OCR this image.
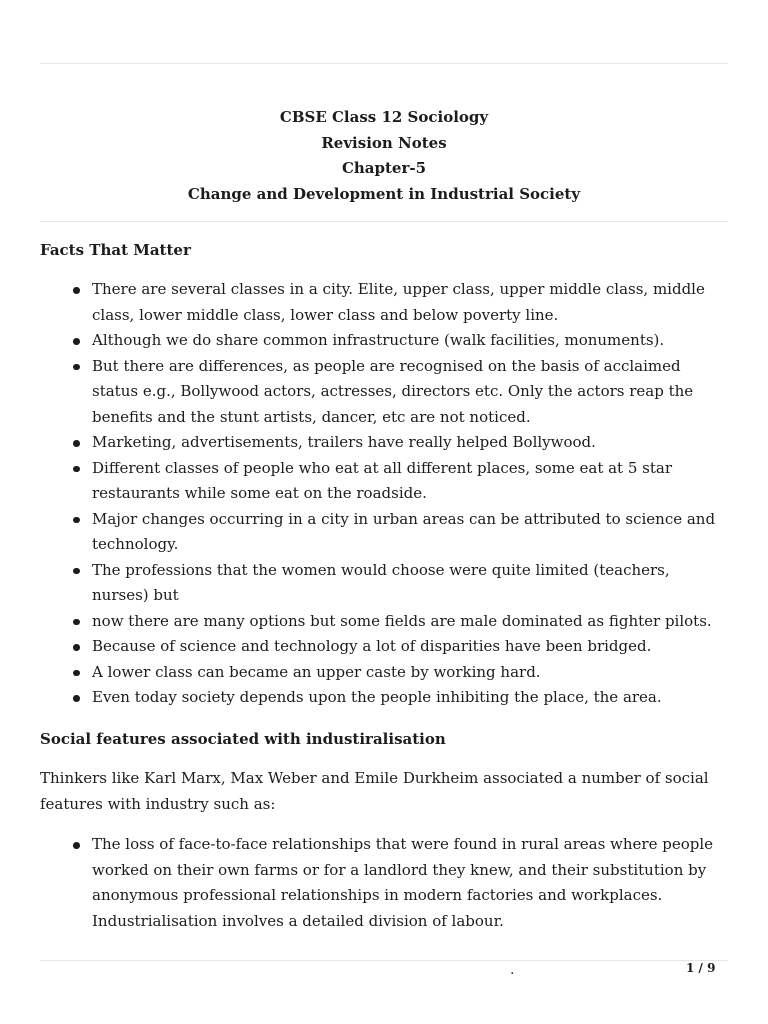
CBSE Class 12 Sociology
Revision Notes
Chapter-5
Change and Development in Industrial Society
Facts That Matter
There are several classes in a city. Elite, upper class, upper middle class, middle class, lower middle class, lower class and below poverty line.
Although we do share common infrastructure (walk facilities, monuments).
But there are differences, as people are recognised on the basis of acclaimed status e.g., Bollywood actors, actresses, directors etc. Only the actors reap the benefits and the stunt artists, dancer, etc are not noticed.
Marketing, advertisements, trailers have really helped Bollywood.
Different classes of people who eat at all different places, some eat at 5 star restaurants while some eat on the roadside.
Major changes occurring in a city in urban areas can be attributed to science and technology.
The professions that the women would choose were quite limited (teachers, nurses) but
now there are many options but some fields are male dominated as fighter pilots.
Because of science and technology a lot of disparities have been bridged.
A lower class can became an upper caste by working hard.
Even today society depends upon the people inhibiting the place, the area.
Social features associated with industiralisation
Thinkers like Karl Marx, Max Weber and Emile Durkheim associated a number of social features with industry such as:
The loss of face-to-face relationships that were found in rural areas where people worked on their own farms or for a landlord they knew, and their substitution by anonymous professional relationships in modern factories and workplaces. Industrialisation involves a detailed division of labour.
.	1 / 9
